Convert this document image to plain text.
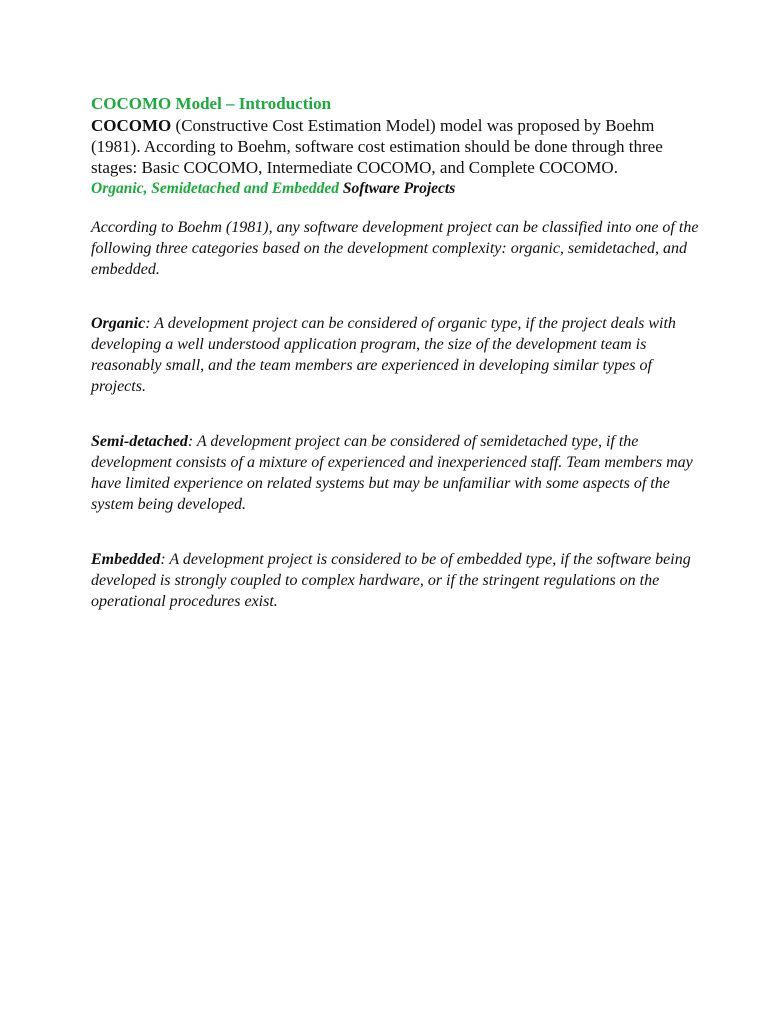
COCOMO Model – Introduction
COCOMO (Constructive Cost Estimation Model) model was proposed by Boehm (1981). According to Boehm, software cost estimation should be done through three stages: Basic COCOMO, Intermediate COCOMO, and Complete COCOMO.
Organic, Semidetached and Embedded Software Projects
According to Boehm (1981), any software development project can be classified into one of the following three categories based on the development complexity: organic, semidetached, and embedded.
Organic: A development project can be considered of organic type, if the project deals with developing a well understood application program, the size of the development team is reasonably small, and the team members are experienced in developing similar types of projects.
Semi-detached: A development project can be considered of semidetached type, if the development consists of a mixture of experienced and inexperienced staff. Team members may have limited experience on related systems but may be unfamiliar with some aspects of the system being developed.
Embedded: A development project is considered to be of embedded type, if the software being developed is strongly coupled to complex hardware, or if the stringent regulations on the operational procedures exist.
